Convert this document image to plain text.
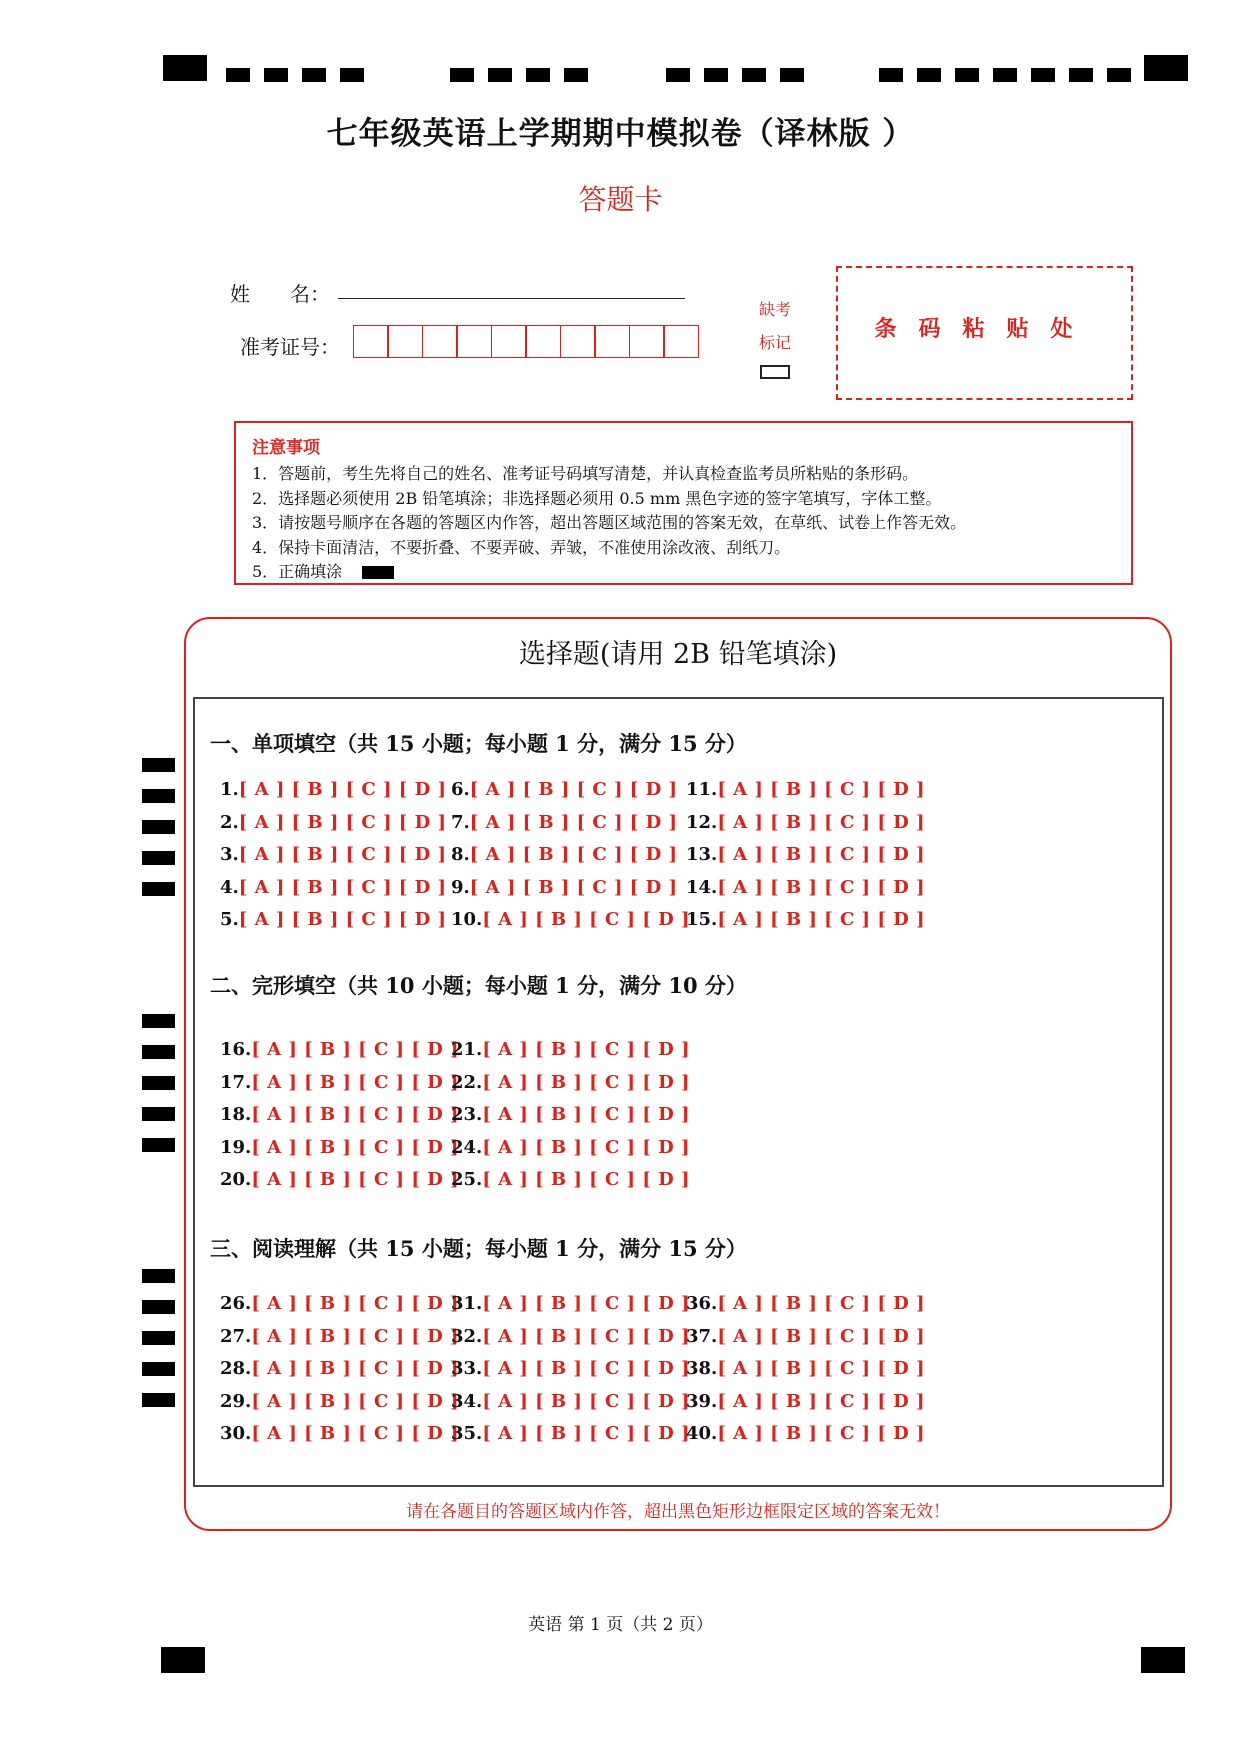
七年级英语上学期期中模拟卷（译林版 ）
答题卡
姓　　名：
准考证号：
缺考
标记
条码粘贴处
注意事项
1．答题前，考生先将自己的姓名、准考证号码填写清楚，并认真检查监考员所粘贴的条形码。
2．选择题必须使用 2B 铅笔填涂；非选择题必须用 0.5 mm 黑色字迹的签字笔填写，字体工整。
3．请按题号顺序在各题的答题区内作答，超出答题区域范围的答案无效，在草纸、试卷上作答无效。
4．保持卡面清洁，不要折叠、不要弄破、弄皱，不准使用涂改液、刮纸刀。
5．正确填涂
选择题(请用 2B 铅笔填涂)
一、单项填空（共 15 小题；每小题 1 分，满分 15 分）
二、完形填空（共 10 小题；每小题 1 分，满分 10 分）
三、阅读理解（共 15 小题；每小题 1 分，满分 15 分）
1.[ A ] [ B ] [ C ] [ D ]
2.[ A ] [ B ] [ C ] [ D ]
3.[ A ] [ B ] [ C ] [ D ]
4.[ A ] [ B ] [ C ] [ D ]
5.[ A ] [ B ] [ C ] [ D ]
6.[ A ] [ B ] [ C ] [ D ]
7.[ A ] [ B ] [ C ] [ D ]
8.[ A ] [ B ] [ C ] [ D ]
9.[ A ] [ B ] [ C ] [ D ]
10.[ A ] [ B ] [ C ] [ D ]
11.[ A ] [ B ] [ C ] [ D ]
12.[ A ] [ B ] [ C ] [ D ]
13.[ A ] [ B ] [ C ] [ D ]
14.[ A ] [ B ] [ C ] [ D ]
15.[ A ] [ B ] [ C ] [ D ]
16.[ A ] [ B ] [ C ] [ D ]
17.[ A ] [ B ] [ C ] [ D ]
18.[ A ] [ B ] [ C ] [ D ]
19.[ A ] [ B ] [ C ] [ D ]
20.[ A ] [ B ] [ C ] [ D ]
21.[ A ] [ B ] [ C ] [ D ]
22.[ A ] [ B ] [ C ] [ D ]
23.[ A ] [ B ] [ C ] [ D ]
24.[ A ] [ B ] [ C ] [ D ]
25.[ A ] [ B ] [ C ] [ D ]
26.[ A ] [ B ] [ C ] [ D ]
27.[ A ] [ B ] [ C ] [ D ]
28.[ A ] [ B ] [ C ] [ D ]
29.[ A ] [ B ] [ C ] [ D ]
30.[ A ] [ B ] [ C ] [ D ]
31.[ A ] [ B ] [ C ] [ D ]
32.[ A ] [ B ] [ C ] [ D ]
33.[ A ] [ B ] [ C ] [ D ]
34.[ A ] [ B ] [ C ] [ D ]
35.[ A ] [ B ] [ C ] [ D ]
36.[ A ] [ B ] [ C ] [ D ]
37.[ A ] [ B ] [ C ] [ D ]
38.[ A ] [ B ] [ C ] [ D ]
39.[ A ] [ B ] [ C ] [ D ]
40.[ A ] [ B ] [ C ] [ D ]
请在各题目的答题区域内作答，超出黑色矩形边框限定区域的答案无效！
英语 第 1 页（共 2 页）
